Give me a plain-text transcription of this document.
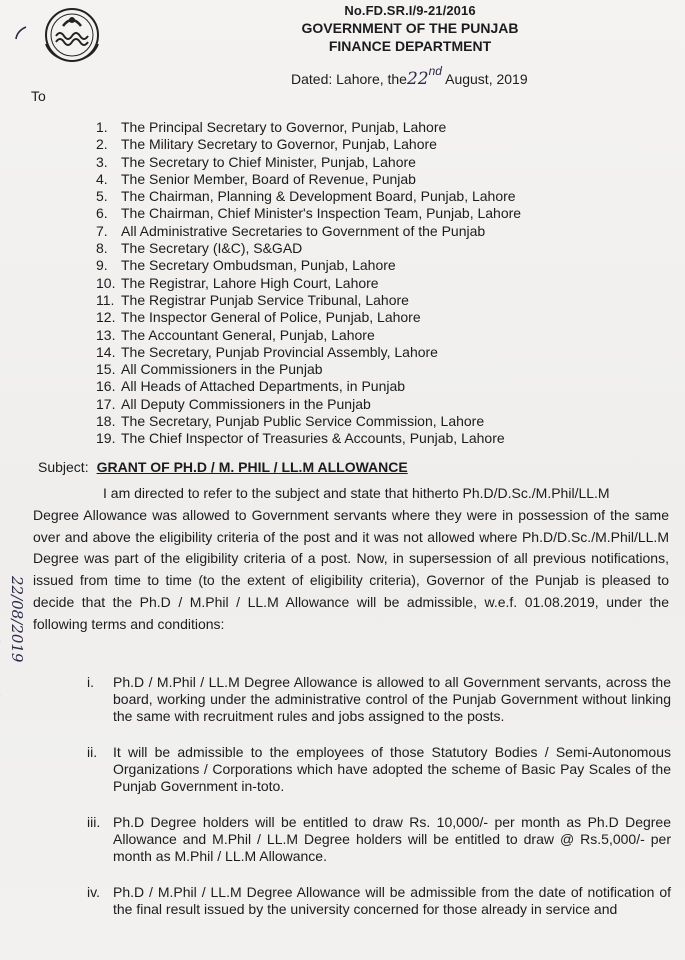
No.FD.SR.I/9-21/2016
GOVERNMENT OF THE PUNJAB
FINANCE DEPARTMENT
Dated: Lahore, the22nd August, 2019
To
1. The Principal Secretary to Governor, Punjab, Lahore
2. The Military Secretary to Governor, Punjab, Lahore
3. The Secretary to Chief Minister, Punjab, Lahore
4. The Senior Member, Board of Revenue, Punjab
5. The Chairman, Planning & Development Board, Punjab, Lahore
6. The Chairman, Chief Minister's Inspection Team, Punjab, Lahore
7. All Administrative Secretaries to Government of the Punjab
8. The Secretary (I&C), S&GAD
9. The Secretary Ombudsman, Punjab, Lahore
10. The Registrar, Lahore High Court, Lahore
11. The Registrar Punjab Service Tribunal, Lahore
12. The Inspector General of Police, Punjab, Lahore
13. The Accountant General, Punjab, Lahore
14. The Secretary, Punjab Provincial Assembly, Lahore
15. All Commissioners in the Punjab
16. All Heads of Attached Departments, in Punjab
17. All Deputy Commissioners in the Punjab
18. The Secretary, Punjab Public Service Commission, Lahore
19. The Chief Inspector of Treasuries & Accounts, Punjab, Lahore
Subject: GRANT OF PH.D / M. PHIL / LL.M ALLOWANCE
I am directed to refer to the subject and state that hitherto Ph.D/D.Sc./M.Phil/LL.M
Degree Allowance was allowed to Government servants where they were in possession of the same over and above the eligibility criteria of the post and it was not allowed where Ph.D/D.Sc./M.Phil/LL.M Degree was part of the eligibility criteria of a post. Now, in supersession of all previous notifications, issued from time to time (to the extent of eligibility criteria), Governor of the Punjab is pleased to decide that the Ph.D / M.Phil / LL.M Allowance will be admissible, w.e.f. 01.08.2019, under the following terms and conditions:
i. Ph.D / M.Phil / LL.M Degree Allowance is allowed to all Government servants, across the board, working under the administrative control of the Punjab Government without linking the same with recruitment rules and jobs assigned to the posts.
ii. It will be admissible to the employees of those Statutory Bodies / Semi-Autonomous Organizations / Corporations which have adopted the scheme of Basic Pay Scales of the Punjab Government in-toto.
iii. Ph.D Degree holders will be entitled to draw Rs. 10,000/- per month as Ph.D Degree Allowance and M.Phil / LL.M Degree holders will be entitled to draw @ Rs.5,000/- per month as M.Phil / LL.M Allowance.
iv. Ph.D / M.Phil / LL.M Degree Allowance will be admissible from the date of notification of the final result issued by the university concerned for those already in service and
22/08/2019
